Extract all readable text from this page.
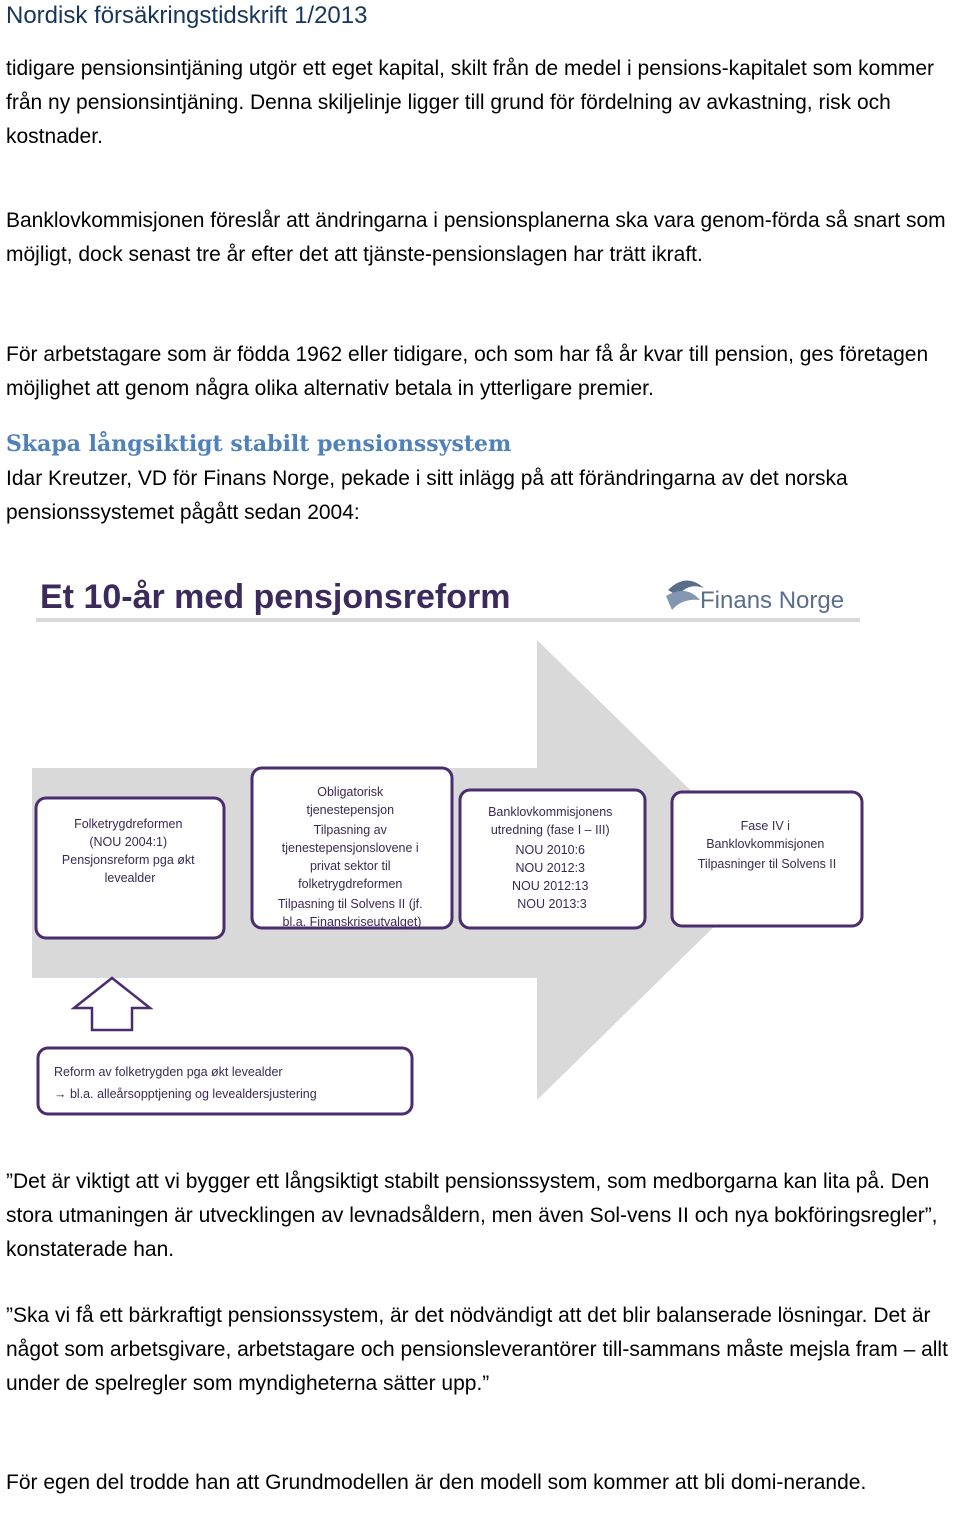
Nordisk försäkringstidskrift 1/2013

tidigare pensionsintjäning utgör ett eget kapital, skilt från de medel i pensions-kapitalet som kommer från ny pensionsintjäning. Denna skiljelinje ligger till grund för fördelning av avkastning, risk och kostnader.

Banklovkommisjonen föreslår att ändringarna i pensionsplanerna ska vara genom-förda så snart som möjligt, dock senast tre år efter det att tjänste-pensionslagen har trätt ikraft.

För arbetstagare som är födda 1962 eller tidigare, och som har få år kvar till pension, ges företagen möjlighet att genom några olika alternativ betala in ytterligare premier.

Skapa långsiktigt stabilt pensionssystem

Idar Kreutzer, VD för Finans Norge, pekade i sitt inlägg på att förändringarna av det norska pensionssystemet pågått sedan 2004:

Et 10-år med pensjonsreform	Finans Norge
Folketrygdreformen (NOU 2004:1) Pensjonsreform pga økt levealder
Obligatorisk tjenestepensjon Tilpasning av tjenestepensjonslovene i privat sektor til folketrygdreformen Tilpasning til Solvens II (jf. bl.a. Finanskriseutvalget)
Banklovkommisjonens utredning (fase I – III) NOU 2010:6 NOU 2012:3 NOU 2012:13 NOU 2013:3
Fase IV i Banklovkommisjonen Tilpasninger til Solvens II
Reform av folketrygden pga økt levealder → bl.a. alleårsopptjening og levealdersjustering

”Det är viktigt att vi bygger ett långsiktigt stabilt pensionssystem, som medborgarna kan lita på. Den stora utmaningen är utvecklingen av levnadsåldern, men även Sol-vens II och nya bokföringsregler”, konstaterade han.

”Ska vi få ett bärkraftigt pensionssystem, är det nödvändigt att det blir balanserade lösningar. Det är något som arbetsgivare, arbetstagare och pensionsleverantörer till-sammans måste mejsla fram – allt under de spelregler som myndigheterna sätter upp.”

För egen del trodde han att Grundmodellen är den modell som kommer att bli domi-nerande.
